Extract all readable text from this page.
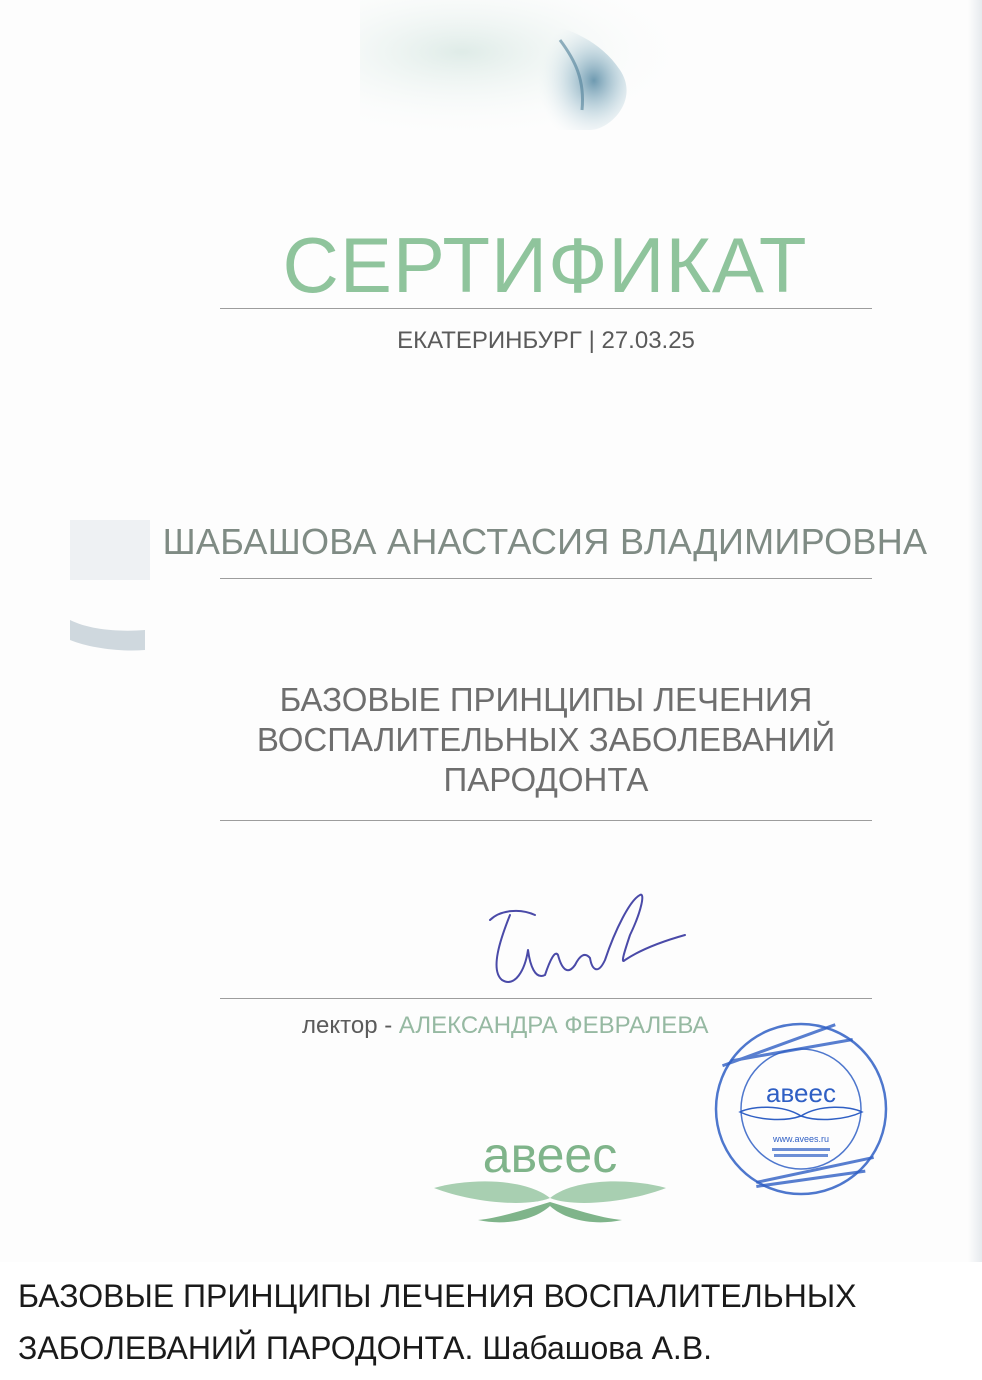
СЕРТИФИКАТ
ЕКАТЕРИНБУРГ | 27.03.25
ШАБАШОВА АНАСТАСИЯ ВЛАДИМИРОВНА
БАЗОВЫЕ ПРИНЦИПЫ ЛЕЧЕНИЯ
ВОСПАЛИТЕЛЬНЫХ ЗАБОЛЕВАНИЙ
ПАРОДОНТА
лектор - АЛЕКСАНДРА ФЕВРАЛЕВА
авеес
авеес
www.avees.ru
БАЗОВЫЕ ПРИНЦИПЫ ЛЕЧЕНИЯ ВОСПАЛИТЕЛЬНЫХ
ЗАБОЛЕВАНИЙ ПАРОДОНТА. Шабашова А.В.
